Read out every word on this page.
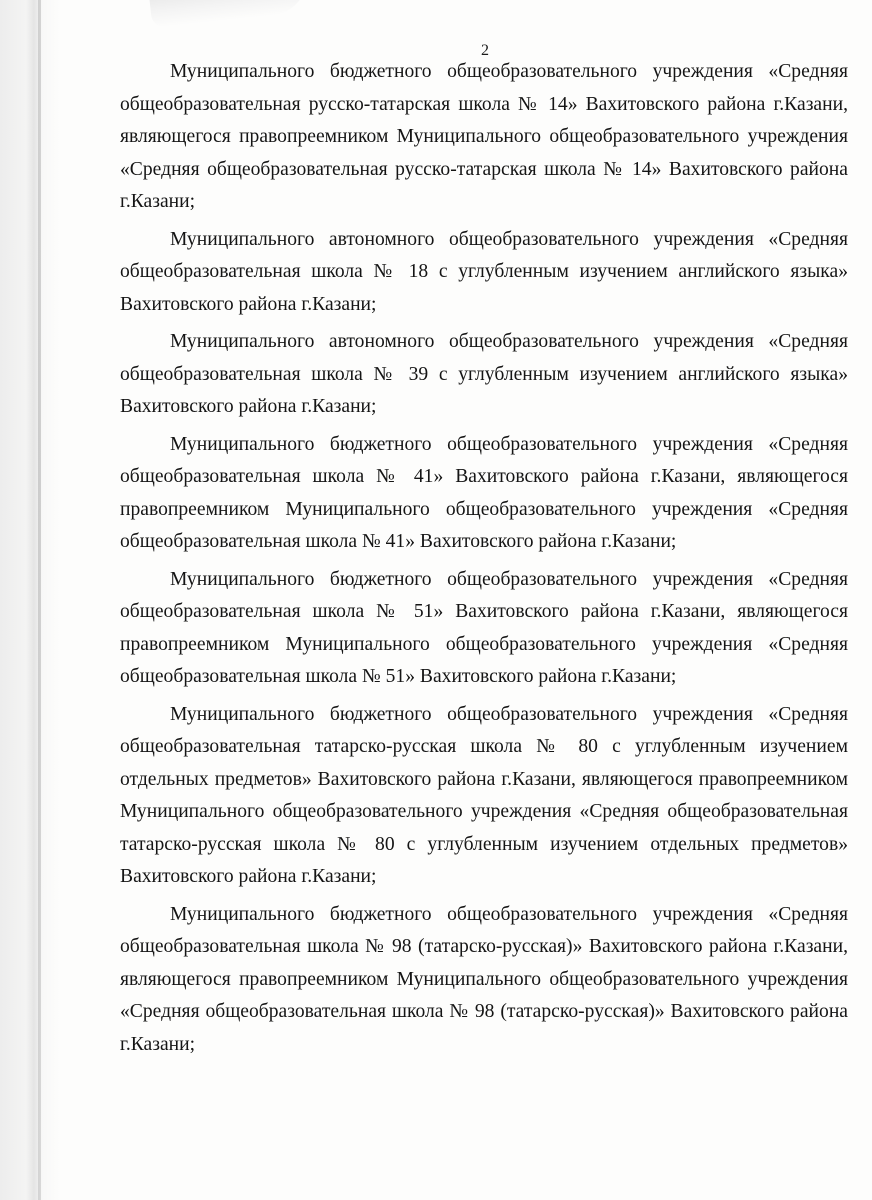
2

Муниципального бюджетного общеобразовательного учреждения «Средняя общеобразовательная русско-татарская школа № 14» Вахитовского района г.Казани, являющегося правопреемником Муниципального общеобразовательного учреждения «Средняя общеобразовательная русско-татарская школа № 14» Вахитовского района г.Казани;

Муниципального автономного общеобразовательного учреждения «Средняя общеобразовательная школа № 18 с углубленным изучением английского языка» Вахитовского района г.Казани;

Муниципального автономного общеобразовательного учреждения «Средняя общеобразовательная школа № 39 с углубленным изучением английского языка» Вахитовского района г.Казани;

Муниципального бюджетного общеобразовательного учреждения «Средняя общеобразовательная школа № 41» Вахитовского района г.Казани, являющегося правопреемником Муниципального общеобразовательного учреждения «Средняя общеобразовательная школа № 41» Вахитовского района г.Казани;

Муниципального бюджетного общеобразовательного учреждения «Средняя общеобразовательная школа № 51» Вахитовского района г.Казани, являющегося правопреемником Муниципального общеобразовательного учреждения «Средняя общеобразовательная школа № 51» Вахитовского района г.Казани;

Муниципального бюджетного общеобразовательного учреждения «Средняя общеобразовательная татарско-русская школа № 80 с углубленным изучением отдельных предметов» Вахитовского района г.Казани, являющегося правопреемником Муниципального общеобразовательного учреждения «Средняя общеобразовательная татарско-русская школа № 80 с углубленным изучением отдельных предметов» Вахитовского района г.Казани;

Муниципального бюджетного общеобразовательного учреждения «Средняя общеобразовательная школа № 98 (татарско-русская)» Вахитовского района г.Казани, являющегося правопреемником Муниципального общеобразовательного учреждения «Средняя общеобразовательная школа № 98 (татарско-русская)» Вахитовского района г.Казани;
